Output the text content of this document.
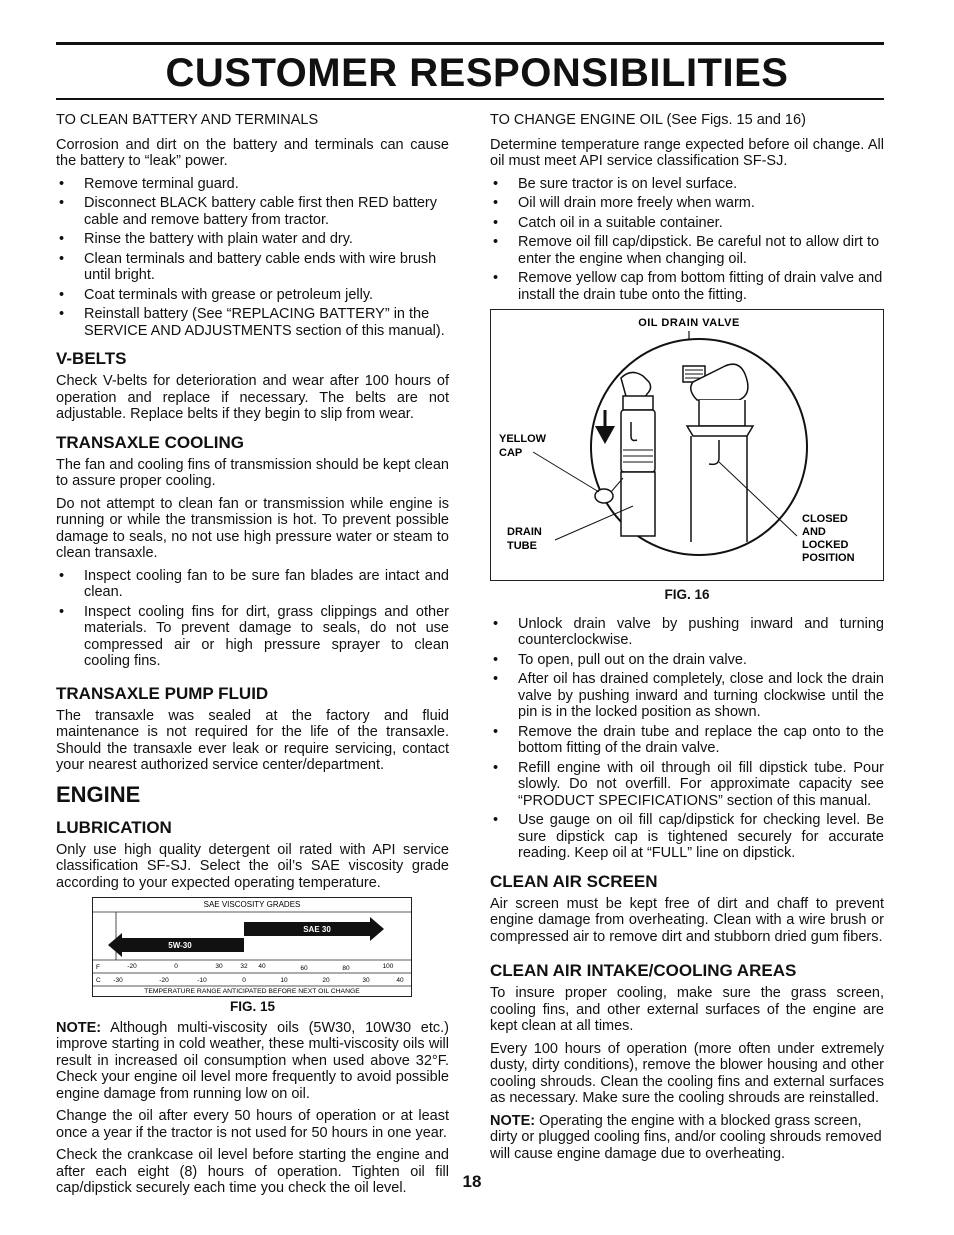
CUSTOMER RESPONSIBILITIES

TO CLEAN BATTERY AND TERMINALS

Corrosion and dirt on the battery and terminals can cause the battery to “leak” power.

• Remove terminal guard.
• Disconnect BLACK battery cable first then RED battery cable and remove battery from tractor.
• Rinse the battery with plain water and dry.
• Clean terminals and battery cable ends with wire brush until bright.
• Coat terminals with grease or petroleum jelly.
• Reinstall battery (See “REPLACING BATTERY” in the SERVICE AND ADJUSTMENTS section of this manual).
V-BELTS

Check V-belts for deterioration and wear after 100 hours of operation and replace if necessary. The belts are not adjustable. Replace belts if they begin to slip from wear.

TRANSAXLE COOLING

The fan and cooling fins of transmission should be kept clean to assure proper cooling.

Do not attempt to clean fan or transmission while engine is running or while the transmission is hot. To prevent possible damage to seals, no not use high pressure water or steam to clean transaxle.

• Inspect cooling fan to be sure fan blades are intact and clean.
• Inspect cooling fins for dirt, grass clippings and other materials. To prevent damage to seals, do not use compressed air or high pressure sprayer to clean cooling fins.
TRANSAXLE PUMP FLUID

The transaxle was sealed at the factory and fluid maintenance is not required for the life of the transaxle. Should the transaxle ever leak or require servicing, contact your nearest authorized service center/department.

ENGINE
LUBRICATION

Only use high quality detergent oil rated with API service classification SF-SJ. Select the oil’s SAE viscosity grade according to your expected operating temperature.

SAE VISCOSITY GRADES
SAE 30
5W-30
F
C
-20	0	30	32 40	60	80	100
-30	-20	-10	0	10	20	30	40
TEMPERATURE RANGE ANTICIPATED BEFORE NEXT OIL CHANGE
FIG. 15

NOTE: Although multi-viscosity oils (5W30, 10W30 etc.) improve starting in cold weather, these multi-viscosity oils will result in increased oil consumption when used above 32°F. Check your engine oil level more frequently to avoid possible engine damage from running low on oil.

Change the oil after every 50 hours of operation or at least once a year if the tractor is not used for 50 hours in one year.

Check the crankcase oil level before starting the engine and after each eight (8) hours of operation. Tighten oil fill cap/dipstick securely each time you check the oil level.

TO CHANGE ENGINE OIL (See Figs. 15 and 16)

Determine temperature range expected before oil change. All oil must meet API service classification SF-SJ.

• Be sure tractor is on level surface.
• Oil will drain more freely when warm.
• Catch oil in a suitable container.
• Remove oil fill cap/dipstick. Be careful not to allow dirt to enter the engine when changing oil.
• Remove yellow cap from bottom fitting of drain valve and install the drain tube onto the fitting.
OIL DRAIN VALVE
YELLOW
CAP
DRAIN
TUBE
CLOSED
AND
LOCKED
POSITION
FIG. 16
• Unlock drain valve by pushing inward and turning counterclockwise.
• To open, pull out on the drain valve.
• After oil has drained completely, close and lock the drain valve by pushing inward and turning clockwise until the pin is in the locked position as shown.
• Remove the drain tube and replace the cap onto to the bottom fitting of the drain valve.
• Refill engine with oil through oil fill dipstick tube. Pour slowly. Do not overfill. For approximate capacity see “PRODUCT SPECIFICATIONS” section of this manual.
• Use gauge on oil fill cap/dipstick for checking level. Be sure dipstick cap is tightened securely for accurate reading. Keep oil at “FULL” line on dipstick.
CLEAN AIR SCREEN

Air screen must be kept free of dirt and chaff to prevent engine damage from overheating. Clean with a wire brush or compressed air to remove dirt and stubborn dried gum fibers.

CLEAN AIR INTAKE/COOLING AREAS

To insure proper cooling, make sure the grass screen, cooling fins, and other external surfaces of the engine are kept clean at all times.

Every 100 hours of operation (more often under extremely dusty, dirty conditions), remove the blower housing and other cooling shrouds. Clean the cooling fins and external surfaces as necessary. Make sure the cooling shrouds are reinstalled.

NOTE: Operating the engine with a blocked grass screen, dirty or plugged cooling fins, and/or cooling shrouds removed will cause engine damage due to overheating.

18
